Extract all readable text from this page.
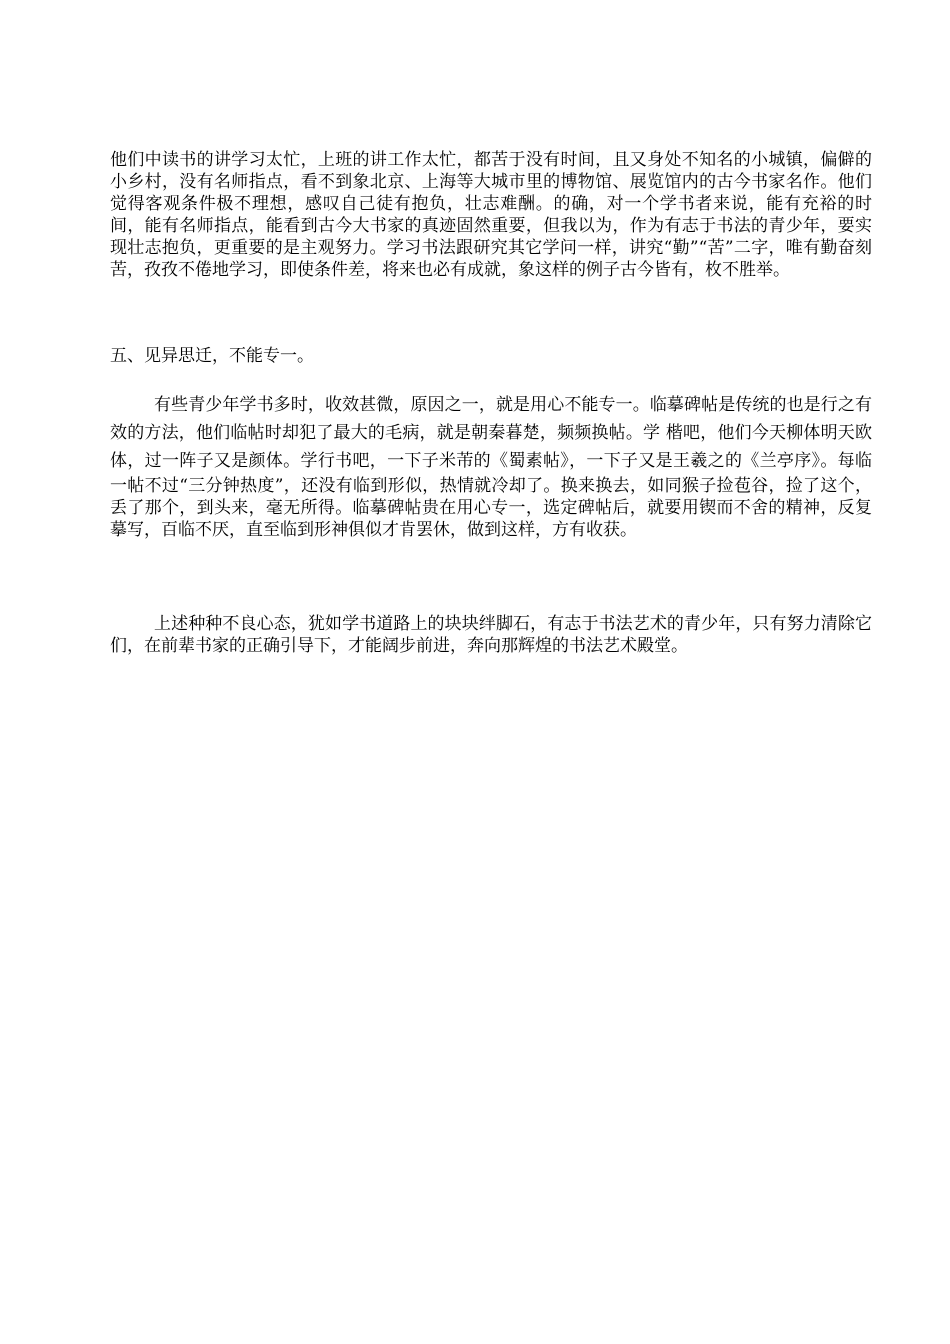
他们中读书的讲学习太忙，上班的讲工作太忙，都苦于没有时间，且又身处不知名的小城镇，偏僻的小乡村，没有名师指点，看不到象北京、上海等大城市里的博物馆、展览馆内的古今书家名作。他们觉得客观条件极不理想，感叹自己徒有抱负，壮志难酬。的确，对一个学书者来说，能有充裕的时间，能有名师指点，能看到古今大书家的真迹固然重要，但我以为，作为有志于书法的青少年，要实现壮志抱负，更重要的是主观努力。学习书法跟研究其它学问一样，讲究“勤”“苦”二字，唯有勤奋刻苦，孜孜不倦地学习，即使条件差，将来也必有成就，象这样的例子古今皆有，枚不胜举。

五、见异思迁，不能专一。

有些青少年学书多时，收效甚微，原因之一，就是用心不能专一。临摹碑帖是传统的也是行之有效的方法，他们临帖时却犯了最大的毛病，就是朝秦暮楚，频频换帖。学 楷吧，他们今天柳体明天欧体，过一阵子又是颜体。学行书吧，一下子米芾的《蜀素帖》，一下子又是王羲之的《兰亭序》。每临一帖不过“三分钟热度”，还没有临到形似，热情就冷却了。换来换去，如同猴子捡苞谷，捡了这个，丢了那个，到头来，毫无所得。临摹碑帖贵在用心专一，选定碑帖后，就要用锲而不舍的精神，反复摹写，百临不厌，直至临到形神俱似才肯罢休，做到这样，方有收获。

上述种种不良心态，犹如学书道路上的块块绊脚石，有志于书法艺术的青少年，只有努力清除它们，在前辈书家的正确引导下，才能阔步前进，奔向那辉煌的书法艺术殿堂。
